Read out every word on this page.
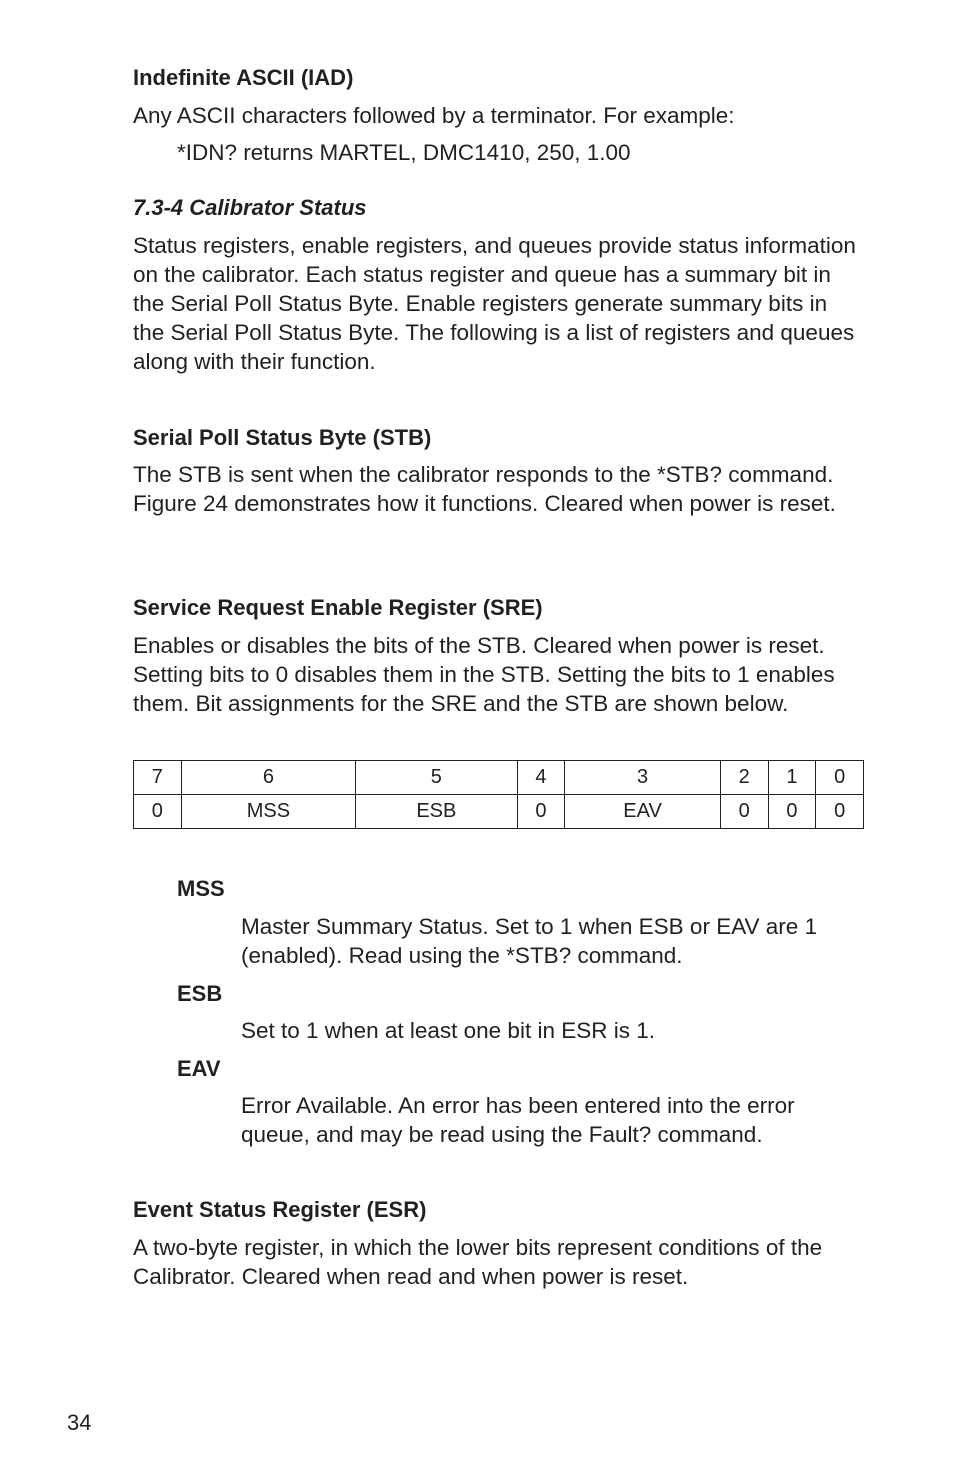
Indefinite ASCII (IAD)

Any ASCII characters followed by a terminator. For example:

*IDN? returns MARTEL, DMC1410, 250, 1.00

7.3-4 Calibrator Status

Status registers, enable registers, and queues provide status information on the calibrator. Each status register and queue has a summary bit in the Serial Poll Status Byte. Enable registers generate summary bits in the Serial Poll Status Byte. The following is a list of registers and queues along with their function.

Serial Poll Status Byte (STB)

The STB is sent when the calibrator responds to the *STB? command. Figure 24 demonstrates how it functions. Cleared when power is reset.

Service Request Enable Register (SRE)

Enables or disables the bits of the STB. Cleared when power is reset. Setting bits to 0 disables them in the STB. Setting the bits to 1 enables them. Bit assignments for the SRE and the STB are shown below.

7	6	5	4	3	2	1	0
0	MSS	ESB	0	EAV	0	0	0
MSS

Master Summary Status. Set to 1 when ESB or EAV are 1 (enabled). Read using the *STB? command.

ESB

Set to 1 when at least one bit in ESR is 1.

EAV

Error Available. An error has been entered into the error queue, and may be read using the Fault? command.

Event Status Register (ESR)

A two-byte register, in which the lower bits represent conditions of the Calibrator. Cleared when read and when power is reset.

34
